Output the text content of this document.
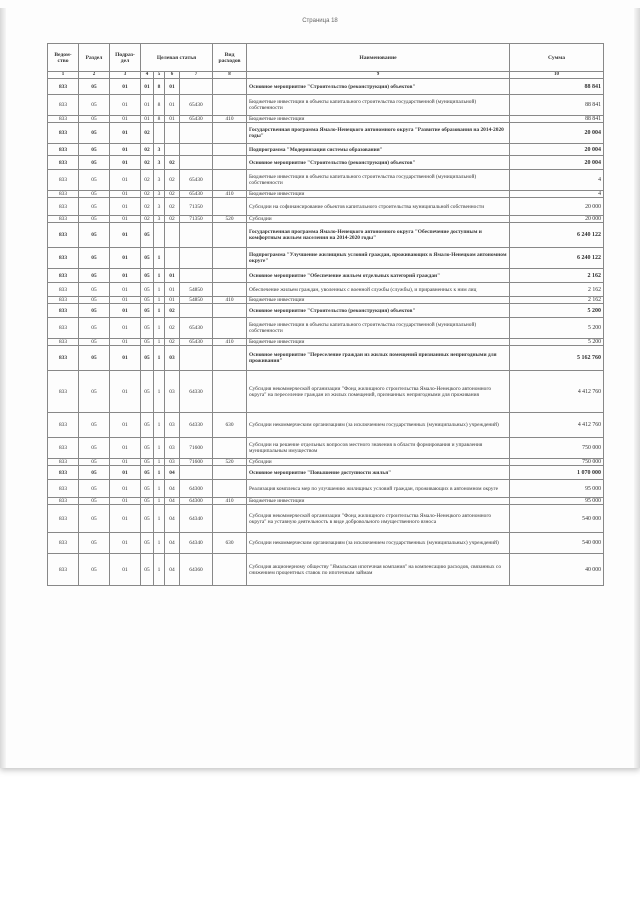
Страница 18
Ведом-ство	Раздел	Подраз-дел	Целевая статья				Вид расходов	Наименование	Сумма
1	2	3	4	5	6	7	8	9	10
833	05	01	01	8	01			Основное мероприятие "Строительство (реконструкция) объектов"	88 841
833	05	01	01	8	01	65430		Бюджетные инвестиции в объекты капитального строительства государственной (муниципальной) собственности	88 841
833	05	01	01	8	01	65430	410	Бюджетные инвестиции	88 841
833	05	01	02					Государственная программа Ямало-Ненецкого автономного округа "Развитие образования на 2014-2020 годы"	20 004
833	05	01	02	3				Подпрограмма "Модернизация системы образования"	20 004
833	05	01	02	3	02			Основное мероприятие "Строительство (реконструкция) объектов"	20 004
833	05	01	02	3	02	65430		Бюджетные инвестиции в объекты капитального строительства государственной (муниципальной) собственности	4
833	05	01	02	3	02	65430	410	Бюджетные инвестиции	4
833	05	01	02	3	02	71350		Субсидии на софинансирование объектов капитального строительства муниципальной собственности	20 000
833	05	01	02	3	02	71350	520	Субсидии	20 000
833	05	01	05					Государственная программа Ямало-Ненецкого автономного округа "Обеспечение доступным и комфортным жильем населения на 2014-2020 годы"	6 240 122
833	05	01	05	1				Подпрограмма "Улучшение жилищных условий граждан, проживающих в Ямало-Ненецком автономном округе"	6 240 122
833	05	01	05	1	01			Основное мероприятие "Обеспечение жильем отдельных категорий граждан"	2 162
833	05	01	05	1	01	54850		Обеспечение жильем граждан, уволенных с военной службы (службы), и приравненных к ним лиц	2 162
833	05	01	05	1	01	54850	410	Бюджетные инвестиции	2 162
833	05	01	05	1	02			Основное мероприятие "Строительство (реконструкция) объектов"	5 200
833	05	01	05	1	02	65430		Бюджетные инвестиции в объекты капитального строительства государственной (муниципальной) собственности	5 200
833	05	01	05	1	02	65430	410	Бюджетные инвестиции	5 200
833	05	01	05	1	03			Основное мероприятие "Переселение граждан из жилых помещений признанных непригодными для проживания"	5 162 760
833	05	01	05	1	03	64330		Субсидия некоммерческой организации "Фонд жилищного строительства Ямало-Ненецкого автономного округа" на переселение граждан из жилых помещений, признанных непригодными для проживания	4 412 760
833	05	01	05	1	03	64330	630	Субсидии некоммерческим организациям (за исключением государственных (муниципальных) учреждений)	4 412 760
833	05	01	05	1	03	71600		Субсидии на решение отдельных вопросов местного значения в области формирования и управления муниципальным имуществом	750 000
833	05	01	05	1	03	71600	520	Субсидии	750 000
833	05	01	05	1	04			Основное мероприятие "Повышение доступности жилья"	1 070 000
833	05	01	05	1	04	64300		Реализация комплекса мер по улучшению жилищных условий граждан, проживающих в автономном округе	95 000
833	05	01	05	1	04	64300	410	Бюджетные инвестиции	95 000
833	05	01	05	1	04	64340		Субсидия некоммерческой организации "Фонд жилищного строительства Ямало-Ненецкого автономного округа" на уставную деятельность в виде добровольного имущественного взноса	540 000
833	05	01	05	1	04	64340	630	Субсидии некоммерческим организациям (за исключением государственных (муниципальных) учреждений)	540 000
833	05	01	05	1	04	64360		Субсидия акционерному обществу "Ямальская ипотечная компания" на компенсацию расходов, связанных со снижением процентных ставок по ипотечным займам	40 000
